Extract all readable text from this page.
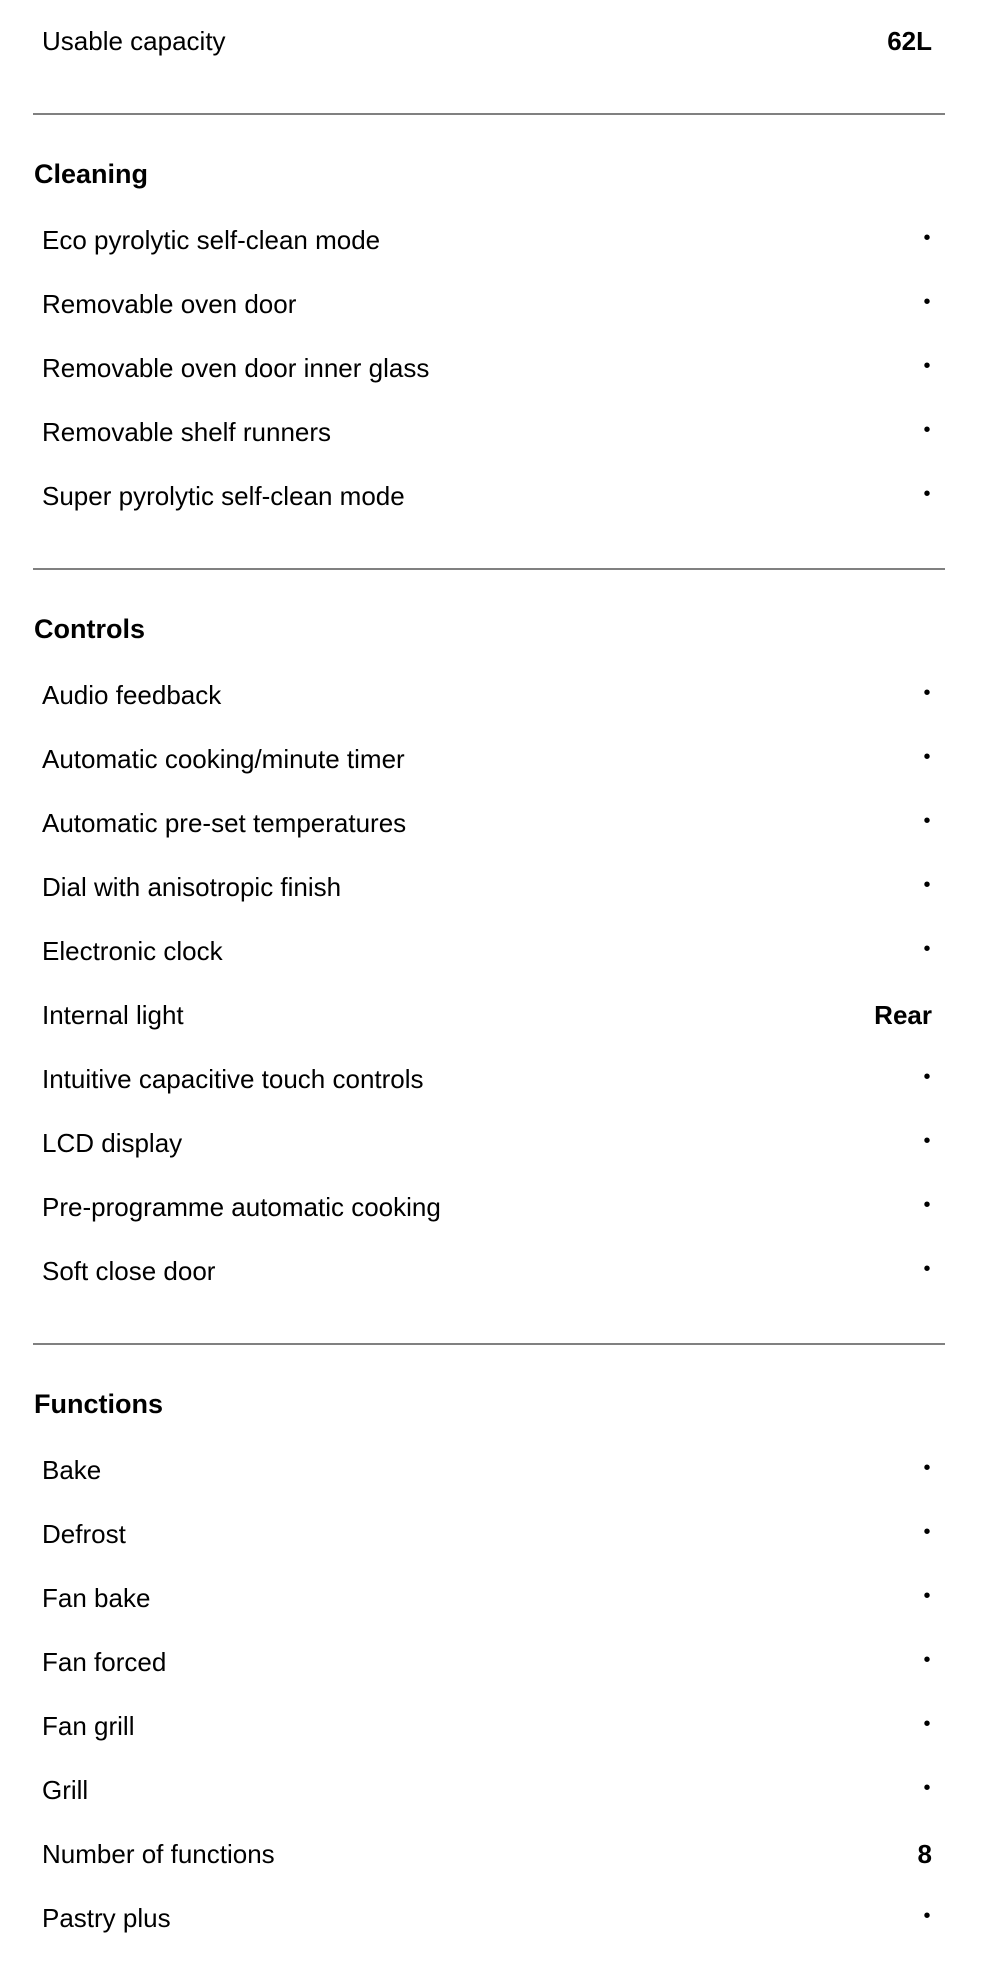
Usable capacity	62L
Cleaning
Eco pyrolytic self-clean mode	•
Removable oven door	•
Removable oven door inner glass	•
Removable shelf runners	•
Super pyrolytic self-clean mode	•
Controls
Audio feedback	•
Automatic cooking/minute timer	•
Automatic pre-set temperatures	•
Dial with anisotropic finish	•
Electronic clock	•
Internal light	Rear
Intuitive capacitive touch controls	•
LCD display	•
Pre-programme automatic cooking	•
Soft close door	•
Functions
Bake	•
Defrost	•
Fan bake	•
Fan forced	•
Fan grill	•
Grill	•
Number of functions	8
Pastry plus	•
